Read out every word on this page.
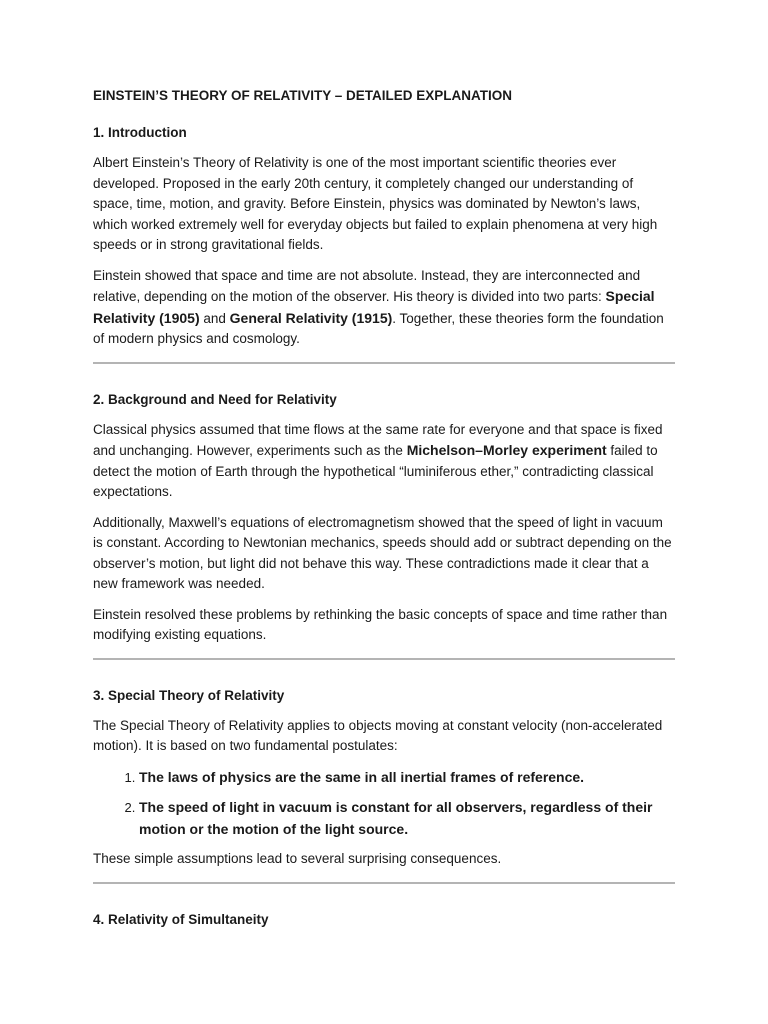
EINSTEIN’S THEORY OF RELATIVITY – DETAILED EXPLANATION
1. Introduction

Albert Einstein’s Theory of Relativity is one of the most important scientific theories ever developed. Proposed in the early 20th century, it completely changed our understanding of space, time, motion, and gravity. Before Einstein, physics was dominated by Newton’s laws, which worked extremely well for everyday objects but failed to explain phenomena at very high speeds or in strong gravitational fields.

Einstein showed that space and time are not absolute. Instead, they are interconnected and relative, depending on the motion of the observer. His theory is divided into two parts: Special Relativity (1905) and General Relativity (1915). Together, these theories form the foundation of modern physics and cosmology.

2. Background and Need for Relativity

Classical physics assumed that time flows at the same rate for everyone and that space is fixed and unchanging. However, experiments such as the Michelson–Morley experiment failed to detect the motion of Earth through the hypothetical “luminiferous ether,” contradicting classical expectations.

Additionally, Maxwell’s equations of electromagnetism showed that the speed of light in vacuum is constant. According to Newtonian mechanics, speeds should add or subtract depending on the observer’s motion, but light did not behave this way. These contradictions made it clear that a new framework was needed.

Einstein resolved these problems by rethinking the basic concepts of space and time rather than modifying existing equations.

3. Special Theory of Relativity

The Special Theory of Relativity applies to objects moving at constant velocity (non-accelerated motion). It is based on two fundamental postulates:

1. The laws of physics are the same in all inertial frames of reference.
2. The speed of light in vacuum is constant for all observers, regardless of their motion or the motion of the light source.

These simple assumptions lead to several surprising consequences.

4. Relativity of Simultaneity
